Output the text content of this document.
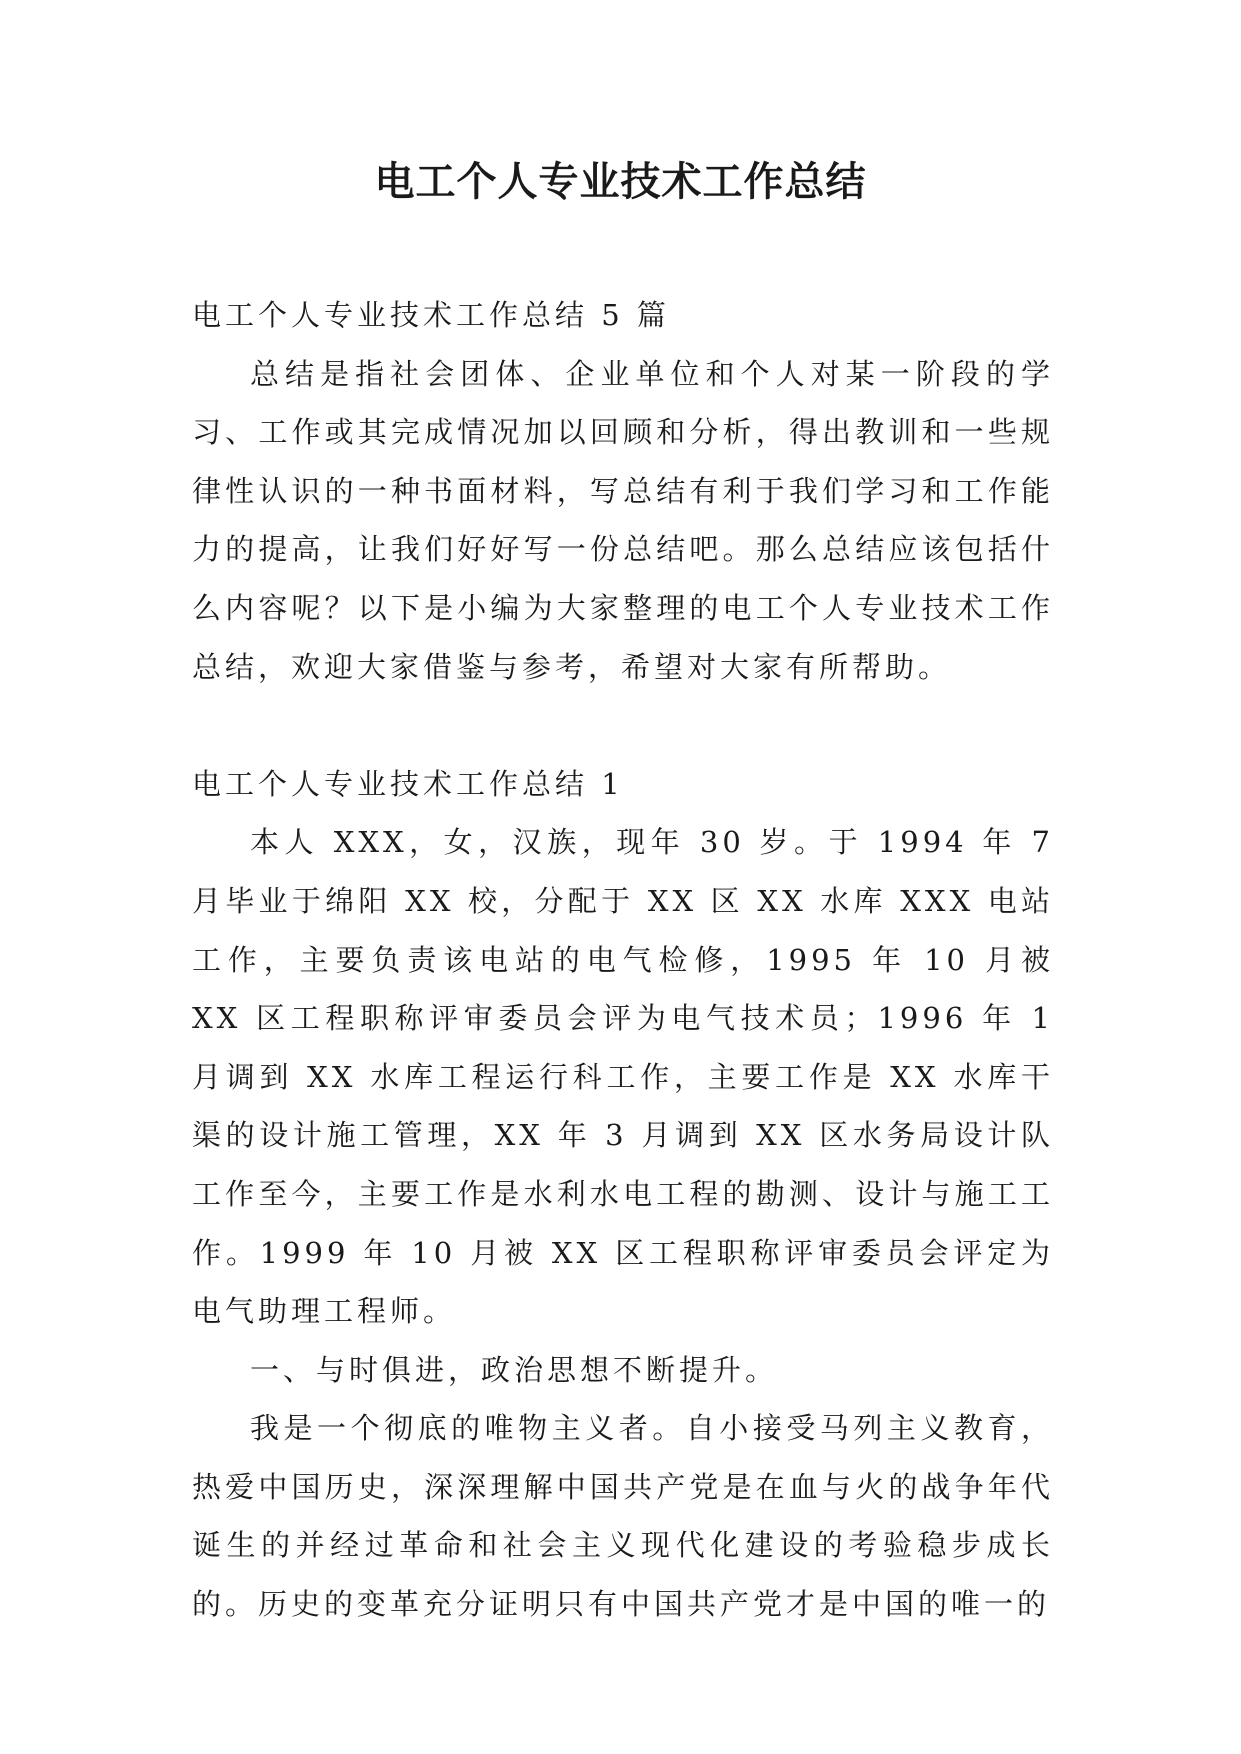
电工个人专业技术工作总结

电工个人专业技术工作总结 5 篇

总结是指社会团体、企业单位和个人对某一阶段的学习、工作或其完成情况加以回顾和分析，得出教训和一些规律性认识的一种书面材料，写总结有利于我们学习和工作能力的提高，让我们好好写一份总结吧。那么总结应该包括什么内容呢？以下是小编为大家整理的电工个人专业技术工作总结，欢迎大家借鉴与参考，希望对大家有所帮助。

电工个人专业技术工作总结 1

本人 XXX，女，汉族，现年 30 岁。于 1994 年 7 月毕业于绵阳 XX 校，分配于 XX 区 XX 水库 XXX 电站工作，主要负责该电站的电气检修，1995 年 10 月被 XX 区工程职称评审委员会评为电气技术员；1996 年 1 月调到 XX 水库工程运行科工作，主要工作是 XX 水库干渠的设计施工管理，XX 年 3 月调到 XX 区水务局设计队工作至今，主要工作是水利水电工程的勘测、设计与施工工作。1999 年 10 月被 XX 区工程职称评审委员会评定为电气助理工程师。

一、与时俱进，政治思想不断提升。

我是一个彻底的唯物主义者。自小接受马列主义教育，热爱中国历史，深深理解中国共产党是在血与火的战争年代诞生的并经过革命和社会主义现代化建设的考验稳步成长的。历史的变革充分证明只有中国共产党才是中国的唯一的
